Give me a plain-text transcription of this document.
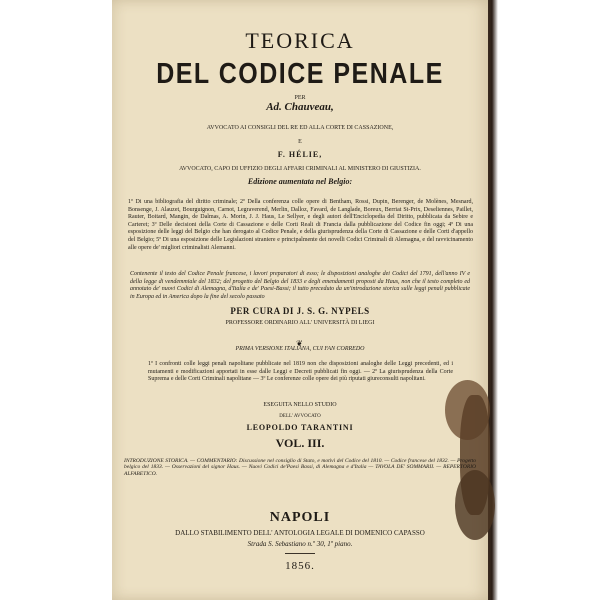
TEORICA

DEL CODICE PENALE

PER

Ad. Chauveau,

AVVOCATO AI CONSIGLI DEL RE ED ALLA CORTE DI CASSAZIONE,

E

F. HÉLIE,

AVVOCATO, CAPO DI UFFIZIO DEGLI AFFARI CRIMINALI AL MINISTERO DI GIUSTIZIA.

Edizione aumentata nel Belgio:

1º Di una bibliografia del diritto criminale; 2º Della conferenza colle opere di Bentham, Rossi, Dupin, Berenger, de Molènes, Mesnard, Bonsenge, J. Alauzet, Bourguignon, Carnot, Legraverend, Merlin, Dalloz, Favard, de Langlade, Boreux, Berriat St-Prix, Deseliennes, Paillet, Rauter, Boitard, Mangin, de Dalmas, A. Morin, J. J. Haus, Le Sellyer, e degli autori dell'Enciclopedia del Diritto, pubblicata da Sebire e Carteret; 3º Delle decisioni della Corte di Cassazione e delle Corti Reali di Francia dalla pubblicazione del Codice fin oggi; 4º Di una esposizione delle leggi del Belgio che han derogato al Codice Penale, e della giurisprudenza della Corte di Cassazione e delle Corti d'appello del Belgio; 5º Di una esposizione delle Legislazioni straniere e principalmente dei novelli Codici Criminali di Alemagna, e del ravvicinamento alle opere de' migliori criminalisti Alemanni.

Contenente il testo del Codice Penale francese, i lavori preparatori di esso; le disposizioni analoghe dei Codici del 1791, dell'anno IV e della legge di vendemmiale del 1832; del progetto del Belgio del 1833 e degli emendamenti proposti da Haus, non che il testo completo ed annotato de' nuovi Codici di Alemagna, d'Italia e de' Paesi-Bassi; il tutto preceduto da un'introduzione storica sulle leggi penali pubblicate in Europa ed in America dopo la fine del secolo passato

PER CURA DI J. S. G. NYPELS

PROFESSORE ORDINARIO ALL' UNIVERSITÀ DI LIEGI

❦

PRIMA VERSIONE ITALIANA, CUI FAN CORREDO

1º I confronti colle leggi penali napolitane pubblicate nel 1819 non che disposizioni analoghe delle Leggi precedenti, ed i mutamenti e modificazioni apportati in esse dalle Leggi e Decreti pubblicati fin oggi. — 2º La giurisprudenza della Corte Suprema e delle Corti Criminali napolitane — 3º Le conferenze colle opere dei più riputati giureconsulti napolitani.

ESEGUITA NELLO STUDIO

DELL' AVVOCATO

LEOPOLDO TARANTINI

VOL. III.

INTRODUZIONE STORICA. — COMMENTARIO: Discussione nel consiglio di Stato, e motivi del Codice del 1810. — Codice francese del 1832. — Progetto belgico del 1833. — Osservazioni del signor Haus. — Nuovi Codici de'Paesi Bassi, di Alemagna e d'Italia — TAVOLA DE' SOMMARII. — REPERTORIO ALFABETICO.

NAPOLI

DALLO STABILIMENTO DELL' ANTOLOGIA LEGALE DI DOMENICO CAPASSO

Strada S. Sebastiano n.º 30, 1º piano.

1856.
